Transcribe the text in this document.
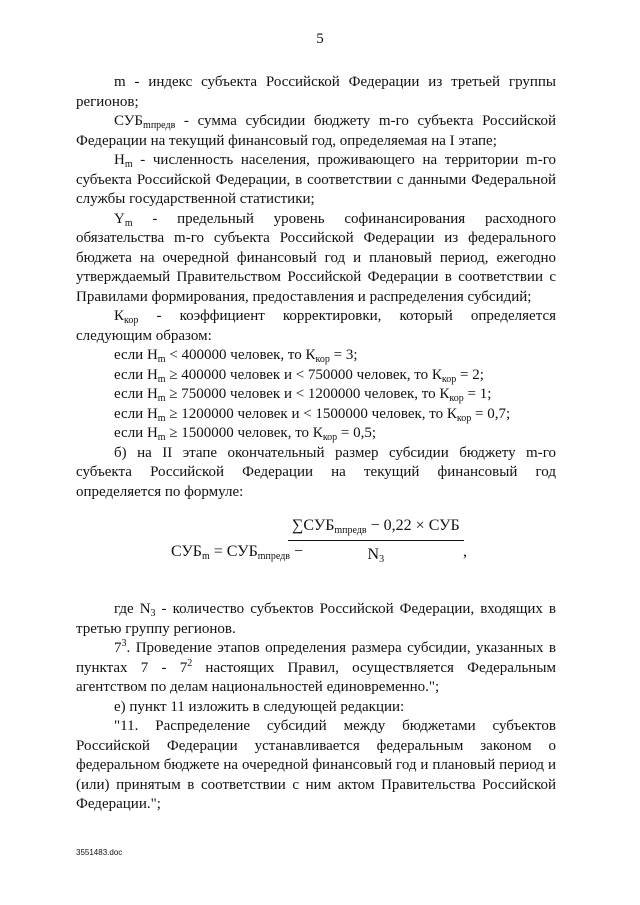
5

m - индекс субъекта Российской Федерации из третьей группы регионов;

$СУБ_{mпредв}$ - сумма субсидии бюджету m-го субъекта Российской Федерации на текущий финансовый год, определяемая на I этапе;

$Н_m$ - численность населения, проживающего на территории m-го субъекта Российской Федерации, в соответствии с данными Федеральной службы государственной статистики;

$Y_m$ - предельный уровень софинансирования расходного обязательства m-го субъекта Российской Федерации из федерального бюджета на очередной финансовый год и плановый период, ежегодно утверждаемый Правительством Российской Федерации в соответствии с Правилами формирования, предоставления и распределения субсидий;

$К_{кор}$ - коэффициент корректировки, который определяется следующим образом:

если $Н_m < 400000$ человек, то $К_{кор} = 3$;
если $Н_m \ge 400000$ человек и < 750000 человек, то $К_{кор} = 2$;
если $Н_m \ge 750000$ человек и < 1200000 человек, то $К_{кор} = 1$;
если $Н_m \ge 1200000$ человек и < 1500000 человек, то $К_{кор} = 0,7$;
если $Н_m \ge 1500000$ человек, то $К_{кор} = 0,5$;

б) на II этапе окончательный размер субсидии бюджету m-го субъекта Российской Федерации на текущий финансовый год определяется по формуле:

$СУБ_m = СУБ_{mпредв}$ −
$\sum СУБ_{mпредв} - 0,22$ × СУБ
$N_3$	,

где $N_3$ - количество субъектов Российской Федерации, входящих в третью группу регионов.

$7^3$. Проведение этапов определения размера субсидии, указанных в пунктах $7 - 7^2$ настоящих Правил, осуществляется Федеральным агентством по делам национальностей единовременно.";

е) пункт 11 изложить в следующей редакции:

"11. Распределение субсидий между бюджетами субъектов Российской Федерации устанавливается федеральным законом о федеральном бюджете на очередной финансовый год и плановый период и (или) принятым в соответствии с ним актом Правительства Российской Федерации.";

3551483.doc
